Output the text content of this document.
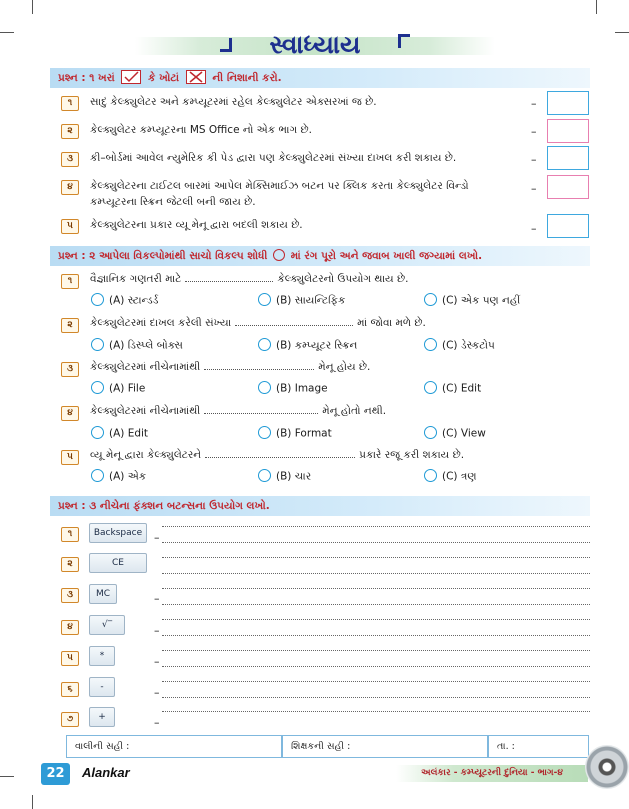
સ્વાધ્યાય
પ્રશ્ન : ૧ ખરાં	કે ખોટાં	ની નિશાની કરો.
૧	સાદું કેલ્ક્યુલેટર અને કમ્પ્યૂટરમાં રહેલ કેલ્ક્યુલેટર એક્સરખાં જ છે.	–
૨	કેલ્ક્યુલેટર કમ્પ્યૂટરના MS Office નો એક ભાગ છે.	–
૩	કી–બોર્ડમાં આવેલ ન્યુમેરિક કી પેડ દ્વારા પણ કેલ્ક્યુલેટરમાં સંખ્યા દાખલ કરી શકાય છે.	–
૪	કેલ્ક્યુલેટરના ટાઈટલ બારમાં આપેલ મેક્સિમાઈઝ બટન પર ક્લિક કરતા કેલ્ક્યુલેટર વિન્ડો
કમ્પ્યૂટરના સ્ક્રિન જેટલી બની જાય છે.
–
૫	કેલ્ક્યુલેટરના પ્રકાર વ્યૂ મેનૂ દ્વારા બદલી શકાય છે.	–
પ્રશ્ન : ૨ આપેલા વિકલ્પોમાંથી સાચો વિકલ્પ શોધી માં રંગ પૂરો અને જવાબ ખાલી જગ્યામાં લખો.
૧	વૈજ્ઞાનિક ગણતરી માટે	કેલ્ક્યુલેટરનો ઉપયોગ થાય છે.
(A) સ્ટાન્ડર્ડ	(B) સાયન્ટિફિક	(C) એક પણ નહીં
૨	કેલ્ક્યુલેટરમાં દાખલ કરેલી સંખ્યા	માં જોવા મળે છે.
(A) ડિસ્પ્લે બોક્સ	(B) કમ્પ્યૂટર સ્ક્રિન	(C) ડેસ્કટોપ
૩	કેલ્ક્યુલેટરમાં નીચેનામાંથી	મેનૂ હોય છે.
(A) File	(B) Image	(C) Edit
૪	કેલ્ક્યુલેટરમાં નીચેનામાંથી	મેનૂ હોતો નથી.
(A) Edit	(B) Format	(C) View
૫	વ્યૂ મેનૂ દ્વારા કેલ્ક્યુલેટરને	પ્રકારે રજૂ કરી શકાય છે.
(A) એક	(B) ચાર	(C) ત્રણ
પ્રશ્ન : ૩ નીચેના ફંક્શન બટન્સના ઉપયોગ લખો.
૧	Backspace	–
૨	CE
૩	MC	–
૪	√‾	–
૫	*	–
૬	-	–
૭	+	–
વાલીની સહી :	શિક્ષકની સહી :	તા. :
22	Alankar	અલંકાર - કમ્પ્યૂટરની દુનિયા - ભાગ-૪
